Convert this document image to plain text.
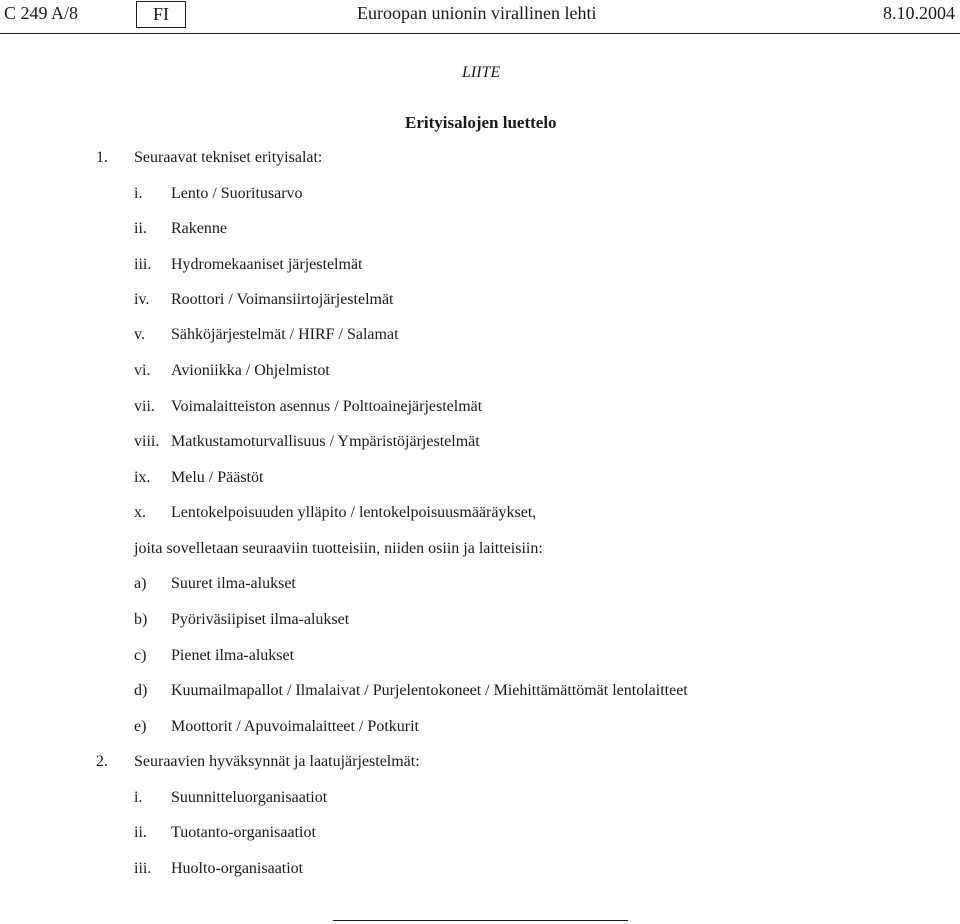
C 249 A/8	FI	Euroopan unionin virallinen lehti	8.10.2004
LIITE
Erityisalojen luettelo
1. Seuraavat tekniset erityisalat:
i. Lento / Suoritusarvo
ii. Rakenne
iii. Hydromekaaniset järjestelmät
iv. Roottori / Voimansiirtojärjestelmät
v. Sähköjärjestelmät / HIRF / Salamat
vi. Avioniikka / Ohjelmistot
vii. Voimalaitteiston asennus / Polttoainejärjestelmät
viii. Matkustamoturvallisuus / Ympäristöjärjestelmät
ix. Melu / Päästöt
x. Lentokelpoisuuden ylläpito / lentokelpoisuusmääräykset,
joita sovelletaan seuraaviin tuotteisiin, niiden osiin ja laitteisiin:
a) Suuret ilma-alukset
b) Pyöriväsiipiset ilma-alukset
c) Pienet ilma-alukset
d) Kuumailmapallot / Ilmalaivat / Purjelentokoneet / Miehittämättömät lentolaitteet
e) Moottorit / Apuvoimalaitteet / Potkurit
2. Seuraavien hyväksynnät ja laatujärjestelmät:
i. Suunnitteluorganisaatiot
ii. Tuotanto-organisaatiot
iii. Huolto-organisaatiot
